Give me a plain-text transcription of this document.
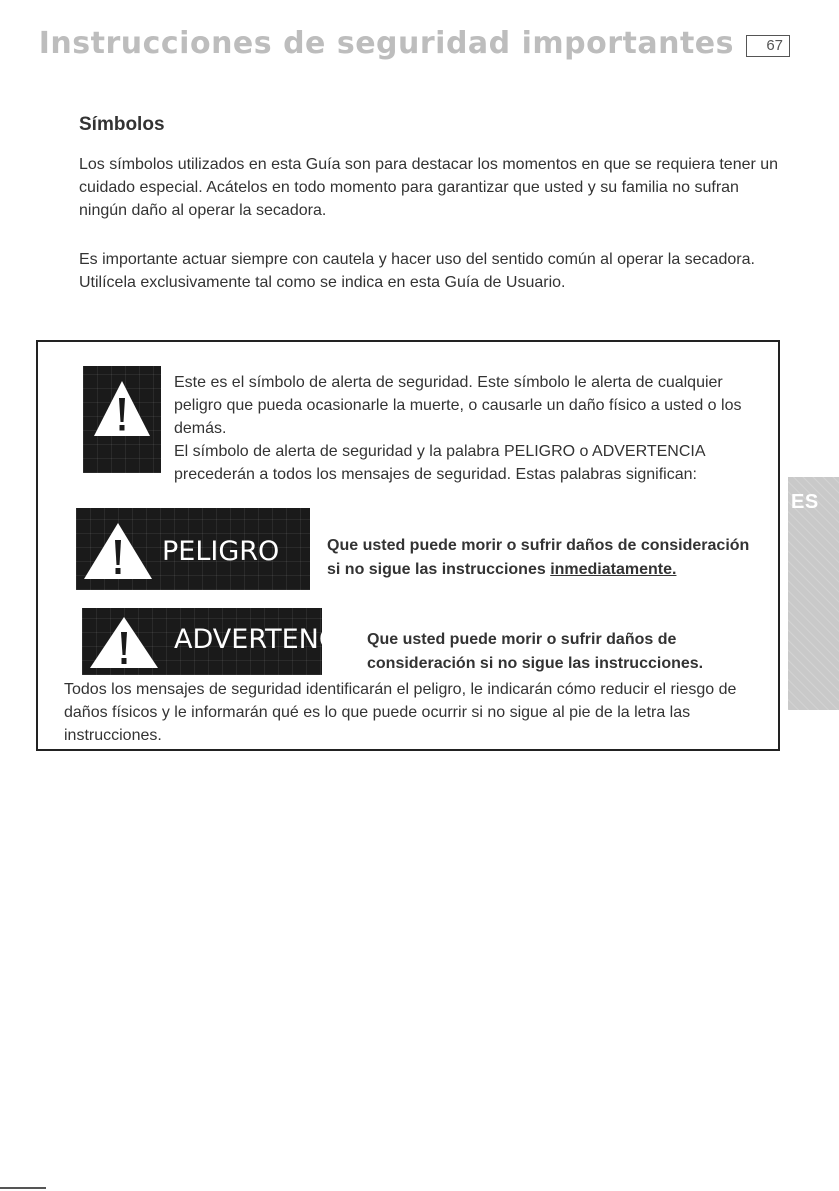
Instrucciones de seguridad importantes	67
Símbolos

Los símbolos utilizados en esta Guía son para destacar los momentos en que se requiera tener un cuidado especial. Acátelos en todo momento para garantizar que usted y su familia no sufran ningún daño al operar la secadora.

Es importante actuar siempre con cautela y hacer uso del sentido común al operar la secadora. Utilícela exclusivamente tal como se indica en esta Guía de Usuario.

Este es el símbolo de alerta de seguridad. Este símbolo le alerta de cualquier peligro que pueda ocasionarle la muerte, o causarle un daño físico a usted o los demás.

El símbolo de alerta de seguridad y la palabra PELIGRO o ADVERTENCIA precederán a todos los mensajes de seguridad. Estas palabras significan:

PELIGRO	Que usted puede morir o sufrir daños de consideración si no sigue las instrucciones inmediatamente.

ADVERTENCIA Que usted puede morir o sufrir daños de consideración si no sigue las instrucciones.

Todos los mensajes de seguridad identificarán el peligro, le indicarán cómo reducir el riesgo de daños físicos y le informarán qué es lo que puede ocurrir si no sigue al pie de la letra las instrucciones.

ES
